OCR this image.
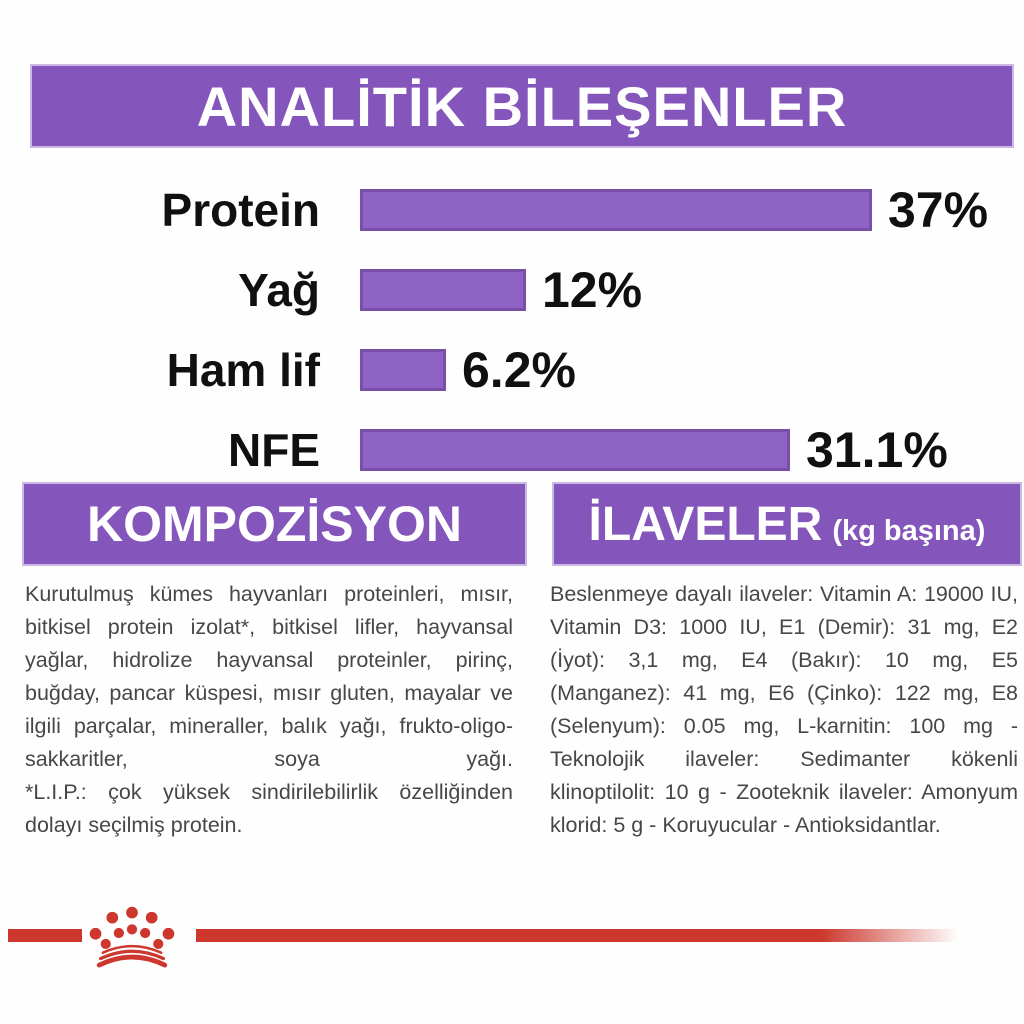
ANALİTİK BİLEŞENLER
Protein	37%
Yağ	12%
Ham lif	6.2%
NFE	31.1%
KOMPOZİSYON	İLAVELER (kg başına)

Kurutulmuş kümes hayvanları proteinleri, mısır, bitkisel protein izolat*, bitkisel lifler, hayvansal yağlar, hidrolize hayvansal proteinler, pirinç, buğday, pancar küspesi, mısır gluten, mayalar ve ilgili parçalar, mineraller, balık yağı, frukto-oligo-sakkaritler, soya yağı.

*L.I.P.: çok yüksek sindirilebilirlik özelliğinden dolayı seçilmiş protein.

Beslenmeye dayalı ilaveler: Vitamin A: 19000 IU, Vitamin D3: 1000 IU, E1 (Demir): 31 mg, E2 (İyot): 3,1 mg, E4 (Bakır): 10 mg, E5 (Manganez): 41 mg, E6 (Çinko): 122 mg, E8 (Selenyum): 0.05 mg, L-karnitin: 100 mg - Teknolojik ilaveler: Sedimanter kökenli klinoptilolit: 10 g - Zooteknik ilaveler: Amonyum klorid: 5 g - Koruyucular - Antioksidantlar.
